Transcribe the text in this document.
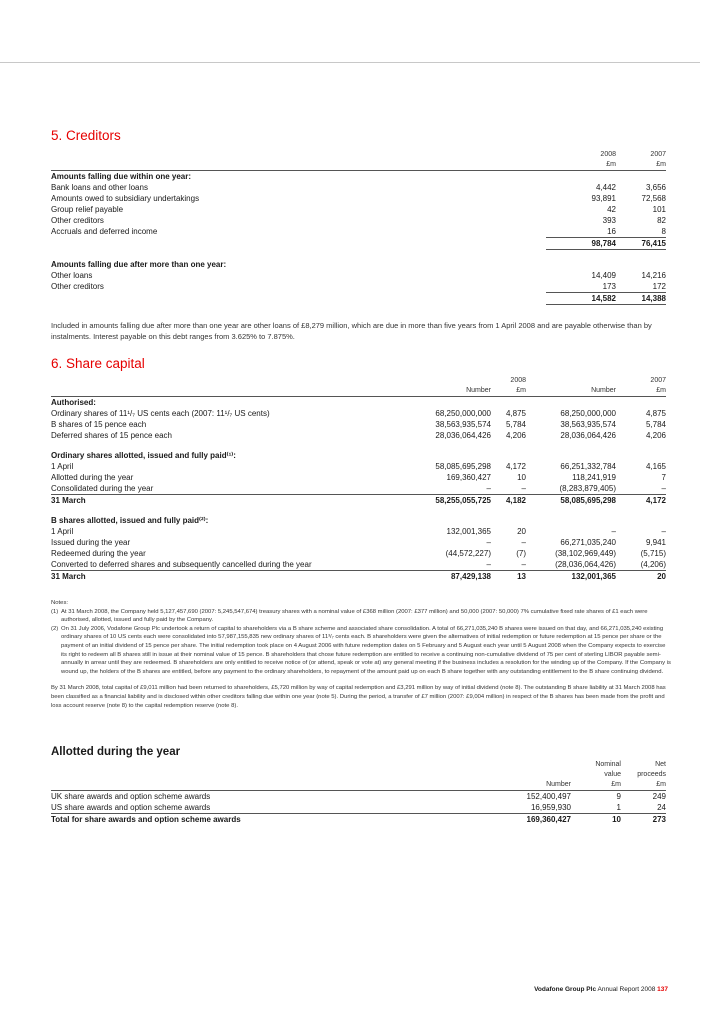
5. Creditors
	2008	2007
	£m	£m
Amounts falling due within one year:		
Bank loans and other loans	4,442	3,656
Amounts owed to subsidiary undertakings	93,891	72,568
Group relief payable	42	101
Other creditors	393	82
Accruals and deferred income	16	8
	98,784	76,415

Amounts falling due after more than one year:		
Other loans	14,409	14,216
Other creditors	173	172
	14,582	14,388

Included in amounts falling due after more than one year are other loans of £8,279 million, which are due in more than five years from 1 April 2008 and are payable otherwise than by instalments. Interest payable on this debt ranges from 3.625% to 7.875%.

6. Share capital
		2008		2007
	Number	£m	Number	£m
Authorised:				
Ordinary shares of 11¹/₇ US cents each (2007: 11¹/₇ US cents)	68,250,000,000	4,875	68,250,000,000	4,875
B shares of 15 pence each	38,563,935,574	5,784	38,563,935,574	5,784
Deferred shares of 15 pence each	28,036,064,426	4,206	28,036,064,426	4,206

Ordinary shares allotted, issued and fully paid⁽¹⁾:				
1 April	58,085,695,298	4,172	66,251,332,784	4,165
Allotted during the year	169,360,427	10	118,241,919	7
Consolidated during the year	–	–	(8,283,879,405)	–
31 March	58,255,055,725	4,182	58,085,695,298	4,172

B shares allotted, issued and fully paid⁽²⁾:				
1 April	132,001,365	20	–	–
Issued during the year	–	–	66,271,035,240	9,941
Redeemed during the year	(44,572,227)	(7)	(38,102,969,449)	(5,715)
Converted to deferred shares and subsequently cancelled during the year	–	–	(28,036,064,426)	(4,206)
31 March	87,429,138	13	132,001,365	20

Notes:

(1) At 31 March 2008, the Company held 5,127,457,690 (2007: 5,245,547,674) treasury shares with a nominal value of £368 million (2007: £377 million) and 50,000 (2007: 50,000) 7% cumulative fixed rate shares of £1 each were authorised, allotted, issued and fully paid by the Company.
(2) On 31 July 2006, Vodafone Group Plc undertook a return of capital to shareholders via a B share scheme and associated share consolidation. A total of 66,271,035,240 B shares were issued on that day, and 66,271,035,240 existing ordinary shares of 10 US cents each were consolidated into 57,987,155,835 new ordinary shares of 11³/₇ cents each. B shareholders were given the alternatives of initial redemption or future redemption at 15 pence per share or the payment of an initial dividend of 15 pence per share. The initial redemption took place on 4 August 2006 with future redemption dates on 5 February and 5 August each year until 5 August 2008 when the Company expects to exercise its right to redeem all B shares still in issue at their nominal value of 15 pence. B shareholders that chose future redemption are entitled to receive a continuing non-cumulative dividend of 75 per cent of sterling LIBOR payable semi-annually in arrear until they are redeemed. B shareholders are only entitled to receive notice of (or attend, speak or vote at) any general meeting if the business includes a resolution for the winding up of the Company. If the Company is wound up, the holders of the B shares are entitled, before any payment to the ordinary shareholders, to repayment of the amount paid up on each B share together with any outstanding entitlement to the B share continuing dividend.

By 31 March 2008, total capital of £9,011 million had been returned to shareholders, £5,720 million by way of capital redemption and £3,291 million by way of initial dividend (note 8). The outstanding B share liability at 31 March 2008 has been classified as a financial liability and is disclosed within other creditors falling due within one year (note 5). During the period, a transfer of £7 million (2007: £9,004 million) in respect of the B shares has been made from the profit and loss account reserve (note 8) to the capital redemption reserve (note 8).

Allotted during the year
		Nominal	Net
		value	proceeds
	Number	£m	£m
UK share awards and option scheme awards	152,400,497	9	249
US share awards and option scheme awards	16,959,930	1	24
Total for share awards and option scheme awards	169,360,427	10	273
Vodafone Group Plc Annual Report 2008 137
